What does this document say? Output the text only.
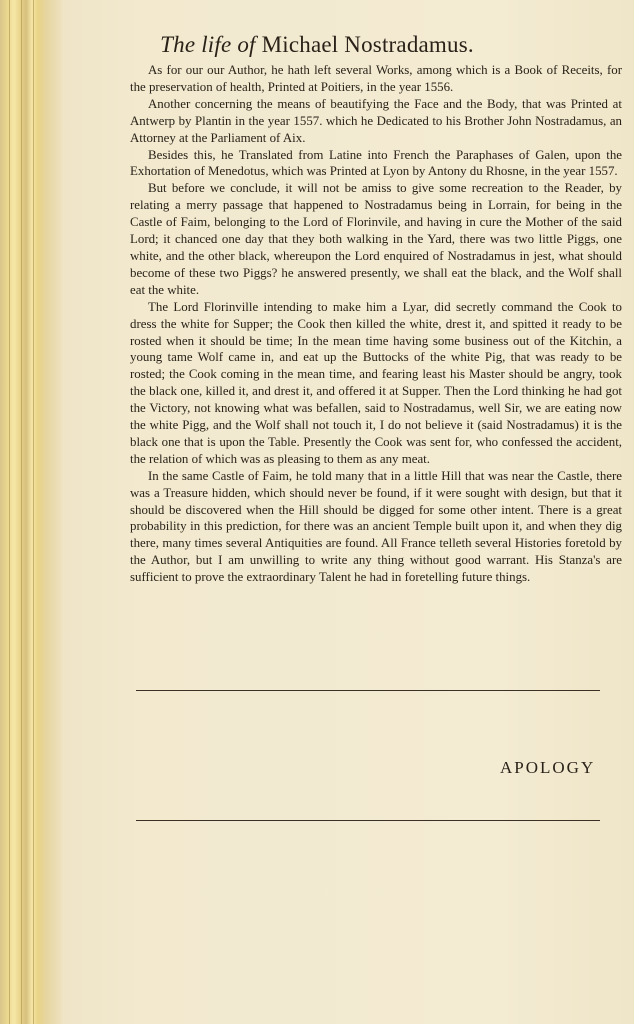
The life of Michael Nostradamus.

As for our our Author, he hath left several Works, among which is a Book of Receits, for the preservation of health, Printed at Poitiers, in the year 1556.

Another concerning the means of beautifying the Face and the Body, that was Printed at Antwerp by Plantin in the year 1557. which he Dedicated to his Brother John Nostradamus, an Attorney at the Parliament of Aix.

Besides this, he Translated from Latine into French the Paraphases of Galen, upon the Exhortation of Menedotus, which was Printed at Lyon by Antony du Rhosne, in the year 1557.

But before we conclude, it will not be amiss to give some recreation to the Reader, by relating a merry passage that happened to Nostradamus being in Lorrain, for being in the Castle of Faim, belonging to the Lord of Florinvile, and having in cure the Mother of the said Lord; it chanced one day that they both walking in the Yard, there was two little Piggs, one white, and the other black, whereupon the Lord enquired of Nostradamus in jest, what should become of these two Piggs? he answered presently, we shall eat the black, and the Wolf shall eat the white.

The Lord Florinville intending to make him a Lyar, did secretly command the Cook to dress the white for Supper; the Cook then killed the white, drest it, and spitted it ready to be rosted when it should be time; In the mean time having some business out of the Kitchin, a young tame Wolf came in, and eat up the Buttocks of the white Pig, that was ready to be rosted; the Cook coming in the mean time, and fearing least his Master should be angry, took the black one, killed it, and drest it, and offered it at Supper. Then the Lord thinking he had got the Victory, not knowing what was befallen, said to Nostradamus, well Sir, we are eating now the white Pigg, and the Wolf shall not touch it, I do not believe it (said Nostradamus) it is the black one that is upon the Table. Presently the Cook was sent for, who confessed the accident, the relation of which was as pleasing to them as any meat.

In the same Castle of Faim, he told many that in a little Hill that was near the Castle, there was a Treasure hidden, which should never be found, if it were sought with design, but that it should be discovered when the Hill should be digged for some other intent. There is a great probability in this prediction, for there was an ancient Temple built upon it, and when they dig there, many times several Antiquities are found. All France telleth several Histories foretold by the Author, but I am unwilling to write any thing without good warrant. His Stanza's are sufficient to prove the extraordinary Talent he had in foretelling future things.

APOLOGY
